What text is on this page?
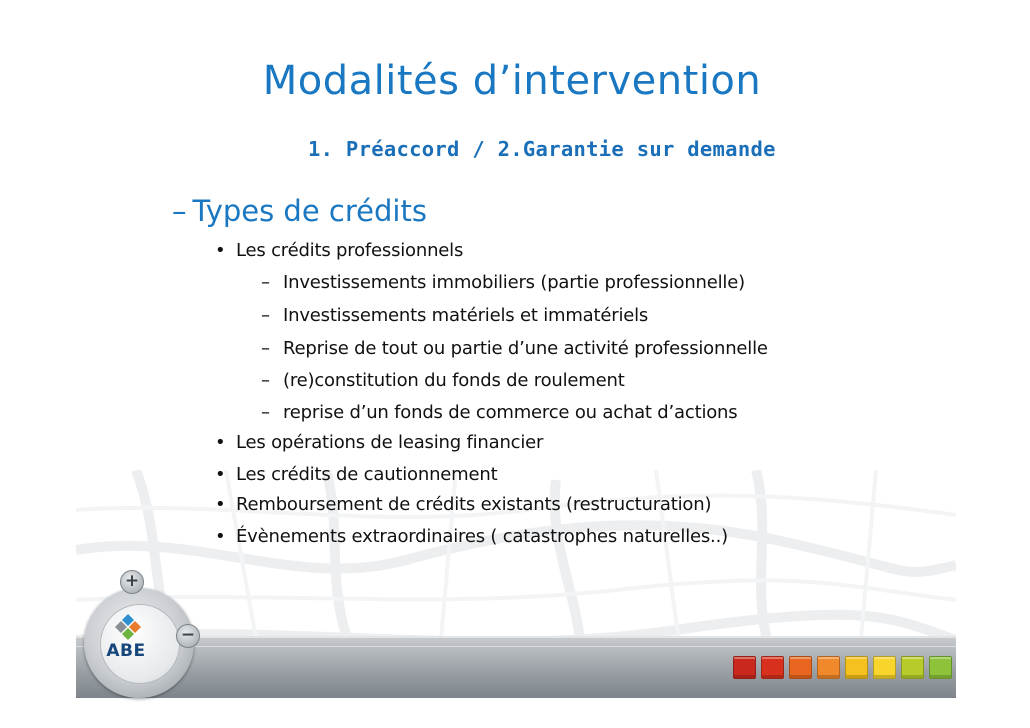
Modalités d’intervention
1. Préaccord / 2.Garantie sur demande
– Types de crédits
• Les crédits professionnels
– Investissements immobiliers (partie professionnelle)
– Investissements matériels et immatériels
– Reprise de tout ou partie d’une activité professionnelle
– (re)constitution du fonds de roulement
– reprise d’un fonds de commerce ou achat d’actions
• Les opérations de leasing financier
• Les crédits de cautionnement
• Remboursement de crédits existants (restructuration)
• Évènements extraordinaires ( catastrophes naturelles..)
ABE
+
−
